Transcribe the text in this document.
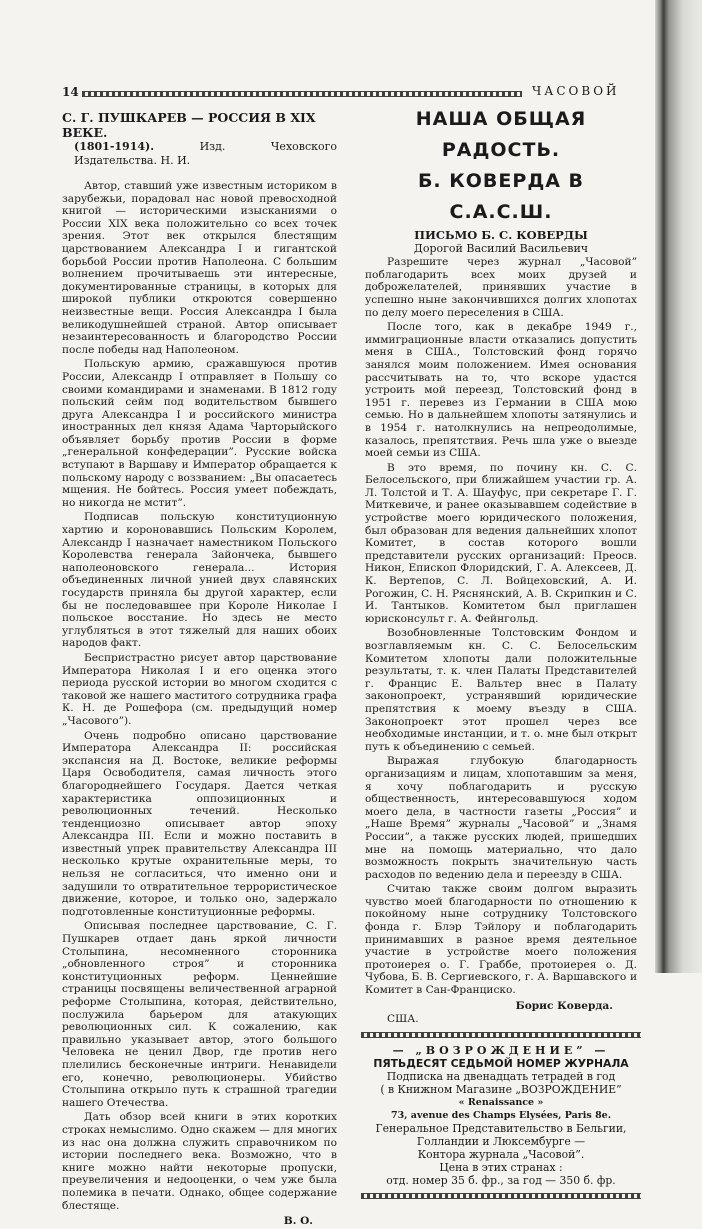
14	ЧАСОВОЙ
С. Г. ПУШКАРЕВ — РОССИЯ В XIX ВЕКЕ.
(1801-1914).	Изд. Чеховского Издательства. Н. И.

Автор, ставший уже известным историком в зарубежьи, порадовал нас новой превосходной книгой — историческими изысканиями о России XIX века положительно со всех точек зрения. Этот век открылся блестящим царствованием Александра I и гигантской борьбой России против Наполеона. С большим волнением прочитываешь эти интересные, документированные страницы, в которых для широкой публики откроются совершенно неизвестные вещи. Россия Александра I была великодушнейшей страной. Автор описывает незаинтересованность и благородство России после победы над Наполеоном.

Польскую армию, сражавшуюся против России, Александр I отправляет в Польшу со своими командирами и знаменами. В 1812 году польский сейм под водительством бывшего друга Александра I и российского министра иностранных дел князя Адама Чарторыйского объявляет борьбу против России в форме „генеральной конфедерации”. Русские войска вступают в Варшаву и Император обращается к польскому народу с воззванием: „Вы опасаетесь мщения. Не бойтесь. Россия умеет побеждать, но никогда не мстит”.

Подписав польскую конституционную хартию и короновавшись Польским Королем, Александр I назначает наместником Польского Королевства генерала Зайончека, бывшего наполеоновского генерала... История объединенных личной унией двух славянских государств приняла бы другой характер, если бы не последовавшее при Короле Николае I польское восстание. Но здесь не место углубляться в этот тяжелый для наших обоих народов факт.

Беспристрастно рисует автор царствование Императора Николая I и его оценка этого периода русской истории во многом сходится с таковой же нашего маститого сотрудника графа К. Н. де Рошефора (см. предыдущий номер „Часового”).

Очень подробно описано царствование Императора Александра II: российская экспансия на Д. Востоке, великие реформы Царя Освободителя, самая личность этого благороднейшего Государя. Дается четкая характеристика оппозиционных и революционных течений. Несколько тенденциозно описывает автор эпоху Александра III. Если и можно поставить в известный упрек правительству Александра III несколько крутые охранительные меры, то нельзя не согласиться, что именно они и задушили то отвратительное террористическое движение, которое, и только оно, задержало подготовленные конституционные реформы.

Описывая последнее царствование, С. Г. Пушкарев отдает дань яркой личности Столыпина, несомненного сторонника „обновленного строя” и сторонника конституционных реформ. Ценнейшие страницы посвящены величественной аграрной реформе Столыпина, которая, действительно, послужила барьером для атакующих революционных сил. К сожалению, как правильно указывает автор, этого большого Человека не ценил Двор, где против него плелились бесконечные интриги. Ненавидели его, конечно, революционеры. Убийство Столыпина открыло путь к страшной трагедии нашего Отечества.

Дать обзор всей книги в этих коротких строках немыслимо. Одно скажем — для многих из нас она должна служить справочником по истории последнего века. Возможно, что в книге можно найти некоторые пропуски, преувеличения и недооценки, о чем уже была полемика в печати. Однако, общее содержание блестяще.

В. О.
НАША ОБЩАЯ РАДОСТЬ.
Б. КОВЕРДА В С.А.С.Ш.
ПИСЬМО Б. С. КОВЕРДЫ
Дорогой Василий Васильевич

Разрешите через журнал „Часовой” поблагодарить всех моих друзей и доброжелателей, принявших участие в успешно ныне закончившихся долгих хлопотах по делу моего переселения в США.

После того, как в декабре 1949 г., иммиграционные власти отказались допустить меня в США., Толстовский фонд горячо занялся моим положением. Имея основания рассчитывать на то, что вскоре удастся устроить мой переезд, Толстовский фонд в 1951 г. перевез из Германии в США мою семью. Но в дальнейшем хлопоты затянулись и в 1954 г. натолкнулись на непреодолимые, казалось, препятствия. Речь шла уже о выезде моей семьи из США.

В это время, по почину кн. С. С. Белосельского, при ближайшем участии гр. А. Л. Толстой и Т. А. Шауфус, при секретаре Г. Г. Миткевиче, и ранее оказывавшем содействие в устройстве моего юридического положения, был образован для ведения дальнейших хлопот Комитет, в состав которого вошли представители русских организаций: Преосв. Никон, Епископ Флоридский, Г. А. Алексеев, Д. К. Вертепов, С. Л. Войцеховский, А. И. Рогожин, С. Н. Ряснянский, А. В. Скрипкин и С. И. Тантыков. Комитетом был приглашен юрисконсульт г. А. Фейнгольд.

Возобновленные Толстовским Фондом и возглавляемым кн. С. С. Белосельским Комитетом хлопоты дали положительные результаты, т. к. член Палаты Представителей г. Францис Е. Вальтер внес в Палату законопроект, устранявший юридические препятствия к моему въезду в США. Законопроект этот прошел через все необходимые инстанции, и т. о. мне был открыт путь к объединению с семьей.

Выражая глубокую благодарность организациям и лицам, хлопотавшим за меня, я хочу поблагодарить и русскую общественность, интересовавшуюся ходом моего дела, в частности газеты „Россия” и „Наше Время” журналы „Часовой” и „Знамя России”, а также русских людей, пришедших мне на помощь материально, что дало возможность покрыть значительную часть расходов по ведению дела и переезду в США.

Считаю также своим долгом выразить чувство моей благодарности по отношению к покойному ныне сотруднику Толстовского фонда г. Блэр Тэйлору и поблагодарить принимавших в разное время деятельное участие в устройстве моего положения протоиерея о. Г. Граббе, протоиерея о. Д. Чубова, Б. В. Сергиевского, г. А. Варшавского и Комитет в Сан-Франциско.

Борис Коверда.
США.
— „ВОЗРОЖДЕНИЕ” —
ПЯТЬДЕСЯТ СЕДЬМОЙ НОМЕР ЖУРНАЛА
Подписка на двенадцать тетрадей в год
( в Книжном Магазине „ВОЗРОЖДЕНИЕ”
« Renaissance »
73, avenue des Champs Elysées, Paris 8e.
Генеральное Представительство в Бельгии,
Голландии и Люксембурге —
Контора журнала „Часовой”.
Цена в этих странах :
отд. номер 35 б. фр., за год — 350 б. фр.
